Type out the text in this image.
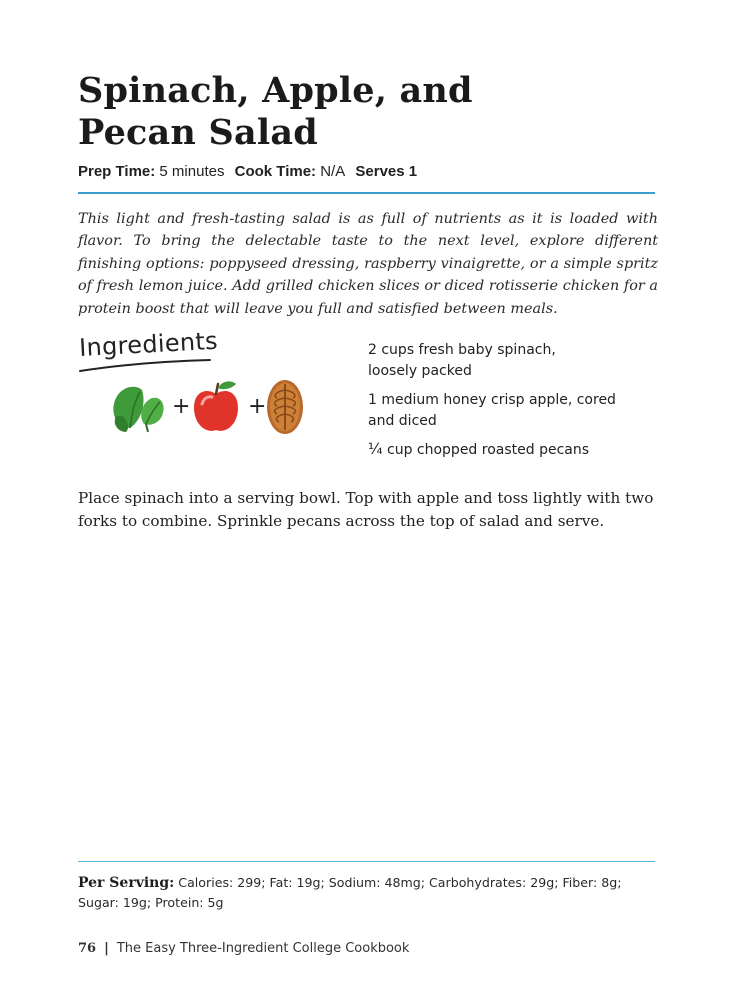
Spinach, Apple, and
Pecan Salad
Prep Time: 5 minutes Cook Time: N/A Serves 1

This light and fresh-tasting salad is as full of nutrients as it is loaded with flavor. To bring the delectable taste to the next level, explore different finishing options: poppyseed dressing, raspberry vinaigrette, or a simple spritz of fresh lemon juice. Add grilled chicken slices or diced rotisserie chicken for a protein boost that will leave you full and satisfied between meals.

Ingredients
+	+
2 cups fresh baby spinach,
loosely packed
1 medium honey crisp apple, cored
and diced
¼ cup chopped roasted pecans

Place spinach into a serving bowl. Top with apple and toss lightly with two forks to combine. Sprinkle pecans across the top of salad and serve.

Per Serving: Calories: 299; Fat: 19g; Sodium: 48mg; Carbohydrates: 29g; Fiber: 8g; Sugar: 19g; Protein: 5g

76 | The Easy Three-Ingredient College Cookbook
